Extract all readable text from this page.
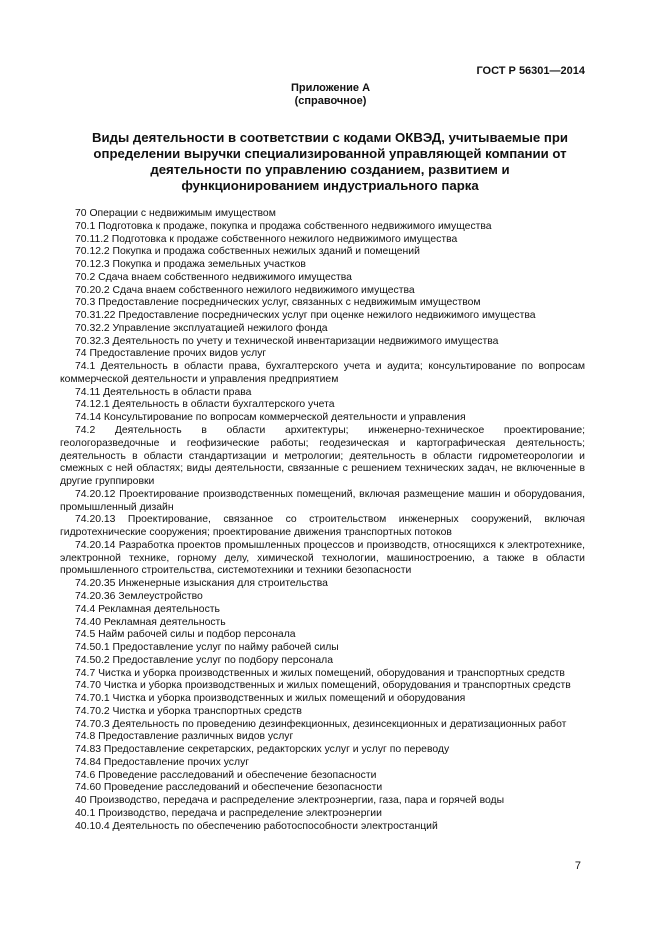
ГОСТ Р 56301—2014
Приложение А
(справочное)
Виды деятельности в соответствии с кодами ОКВЭД, учитываемые при определении выручки специализированной управляющей компании от деятельности по управлению созданием, развитием и функционированием индустриального парка

70 Операции с недвижимым имуществом

70.1 Подготовка к продаже, покупка и продажа собственного недвижимого имущества

70.11.2 Подготовка к продаже собственного нежилого недвижимого имущества

70.12.2 Покупка и продажа собственных нежилых зданий и помещений

70.12.3 Покупка и продажа земельных участков

70.2 Сдача внаем собственного недвижимого имущества

70.20.2 Сдача внаем собственного нежилого недвижимого имущества

70.3 Предоставление посреднических услуг, связанных с недвижимым имуществом

70.31.22 Предоставление посреднических услуг при оценке нежилого недвижимого имущества

70.32.2 Управление эксплуатацией нежилого фонда

70.32.3 Деятельность по учету и технической инвентаризации недвижимого имущества

74 Предоставление прочих видов услуг

74.1 Деятельность в области права, бухгалтерского учета и аудита; консультирование по вопросам коммерческой деятельности и управления предприятием

74.11 Деятельность в области права

74.12.1 Деятельность в области бухгалтерского учета

74.14 Консультирование по вопросам коммерческой деятельности и управления

74.2 Деятельность в области архитектуры; инженерно-техническое проектирование; геологоразведочные и геофизические работы; геодезическая и картографическая деятельность; деятельность в области стандартизации и метрологии; деятельность в области гидрометеорологии и смежных с ней областях; виды деятельности, связанные с решением технических задач, не включенные в другие группировки

74.20.12 Проектирование производственных помещений, включая размещение машин и оборудования, промышленный дизайн

74.20.13 Проектирование, связанное со строительством инженерных сооружений, включая гидротехнические сооружения; проектирование движения транспортных потоков

74.20.14 Разработка проектов промышленных процессов и производств, относящихся к электротехнике, электронной технике, горному делу, химической технологии, машиностроению, а также в области промышленного строительства, системотехники и техники безопасности

74.20.35 Инженерные изыскания для строительства

74.20.36 Землеустройство

74.4 Рекламная деятельность

74.40 Рекламная деятельность

74.5 Найм рабочей силы и подбор персонала

74.50.1 Предоставление услуг по найму рабочей силы

74.50.2 Предоставление услуг по подбору персонала

74.7 Чистка и уборка производственных и жилых помещений, оборудования и транспортных средств

74.70 Чистка и уборка производственных и жилых помещений, оборудования и транспортных средств

74.70.1 Чистка и уборка производственных и жилых помещений и оборудования

74.70.2 Чистка и уборка транспортных средств

74.70.3 Деятельность по проведению дезинфекционных, дезинсекционных и дератизационных работ

74.8 Предоставление различных видов услуг

74.83 Предоставление секретарских, редакторских услуг и услуг по переводу

74.84 Предоставление прочих услуг

74.6 Проведение расследований и обеспечение безопасности

74.60 Проведение расследований и обеспечение безопасности

40 Производство, передача и распределение электроэнергии, газа, пара и горячей воды

40.1 Производство, передача и распределение электроэнергии

40.10.4 Деятельность по обеспечению работоспособности электростанций

7
